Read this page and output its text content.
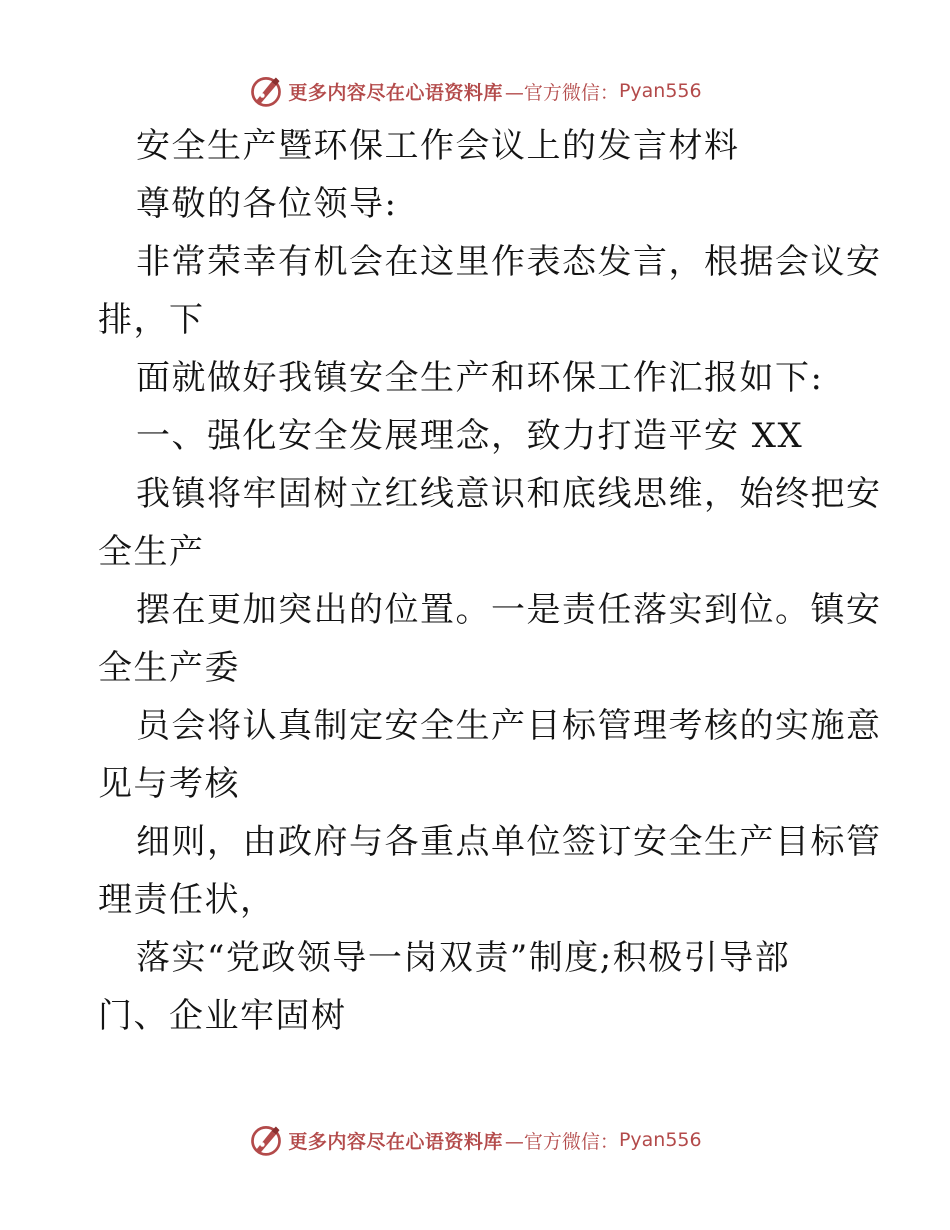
更多内容尽在心语资料库 —官方微信： Pyan556
安全生产暨环保工作会议上的发言材料
尊敬的各位领导:
非常荣幸有机会在这里作表态发言，根据会议安
排，下
面就做好我镇安全生产和环保工作汇报如下:
一、强化安全发展理念，致力打造平安 XX
我镇将牢固树立红线意识和底线思维，始终把安
全生产
摆在更加突出的位置。一是责任落实到位。镇安
全生产委
员会将认真制定安全生产目标管理考核的实施意
见与考核
细则，由政府与各重点单位签订安全生产目标管
理责任状，
落实“党政领导一岗双责”制度;积极引导部
门、企业牢固树
更多内容尽在心语资料库 —官方微信： Pyan556
